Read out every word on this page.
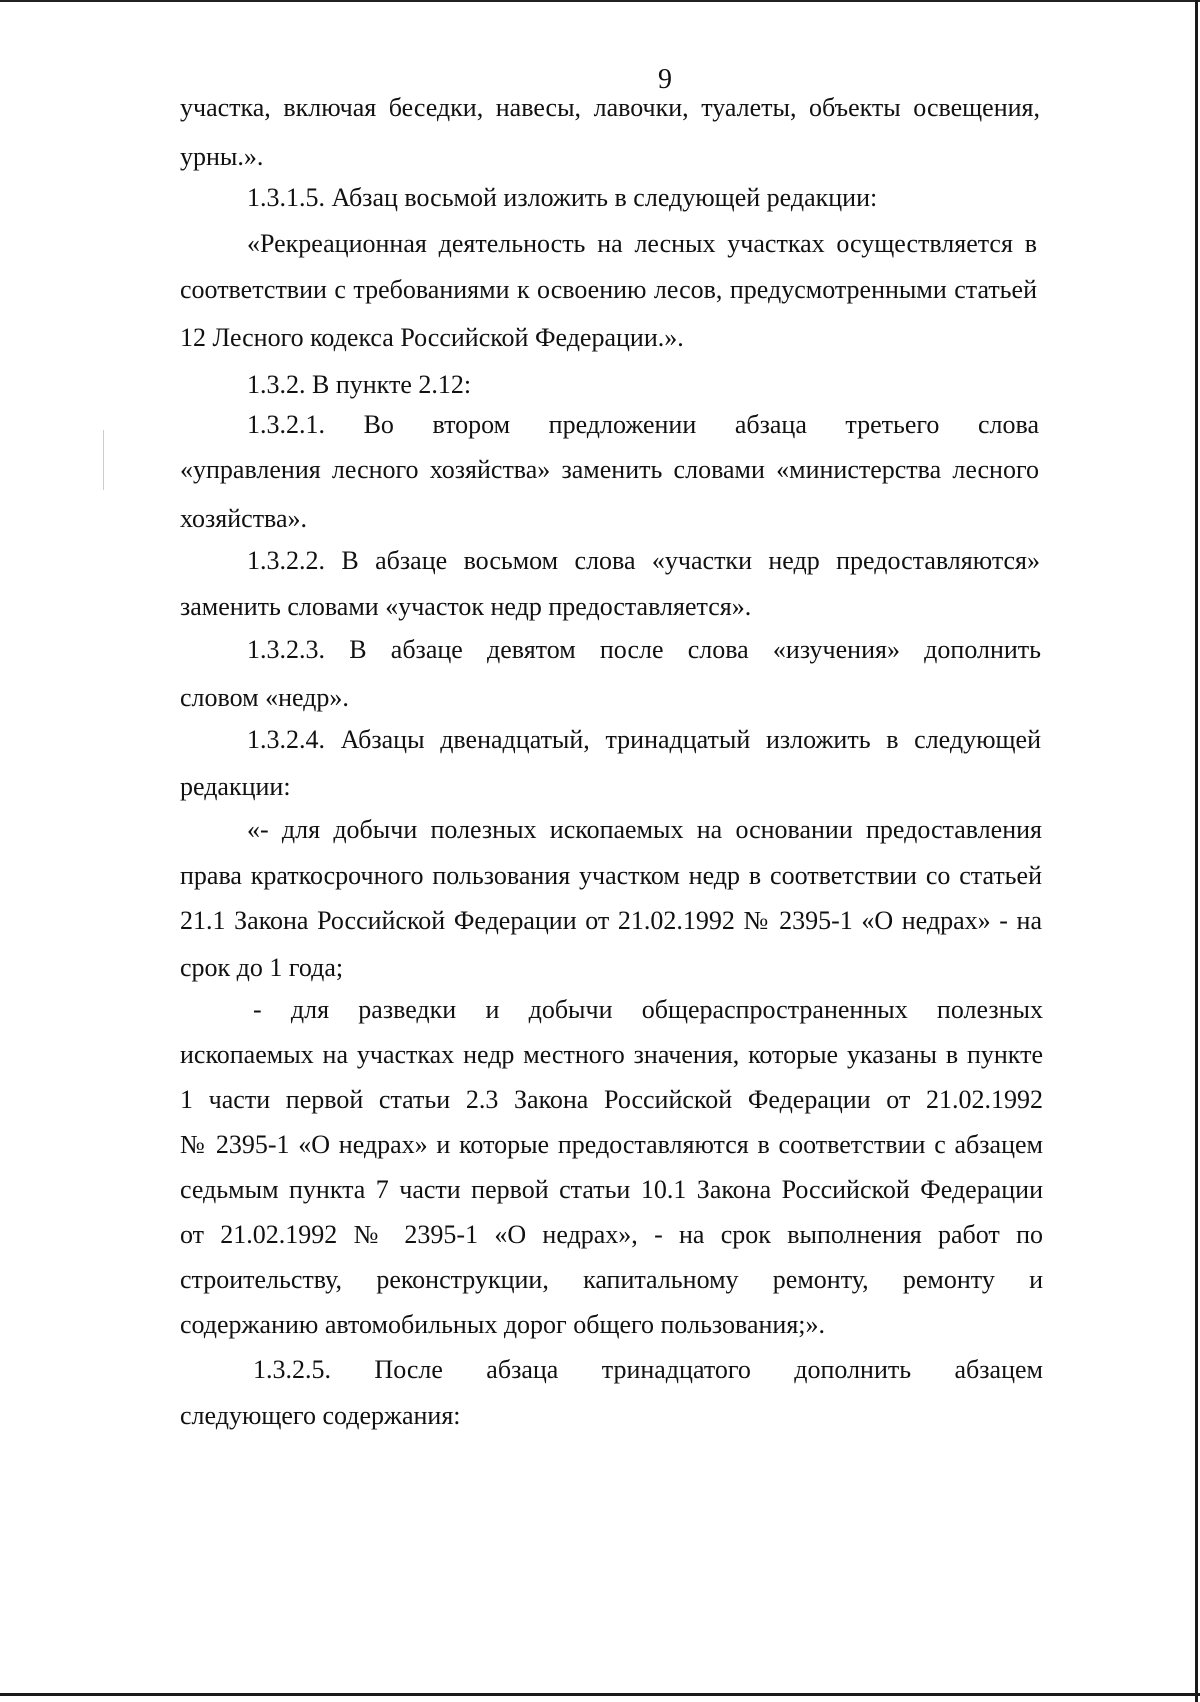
9
участка, включая беседки, навесы, лавочки, туалеты, объекты освещения,
урны.».
1.3.1.5. Абзац восьмой изложить в следующей редакции:
«Рекреационная деятельность на лесных участках осуществляется в
соответствии с требованиями к освоению лесов, предусмотренными статьей
12 Лесного кодекса Российской Федерации.».
1.3.2. В пункте 2.12:
1.3.2.1. Во втором предложении абзаца третьего слова
«управления лесного хозяйства» заменить словами «министерства лесного
хозяйства».
1.3.2.2. В абзаце восьмом слова «участки недр предоставляются»
заменить словами «участок недр предоставляется».
1.3.2.3. В абзаце девятом после слова «изучения» дополнить
словом «недр».
1.3.2.4. Абзацы двенадцатый, тринадцатый изложить в следующей
редакции:
«- для добычи полезных ископаемых на основании предоставления
права краткосрочного пользования участком недр в соответствии со статьей
21.1 Закона Российской Федерации от 21.02.1992 № 2395-1 «О недрах» - на
срок до 1 года;
- для разведки и добычи общераспространенных полезных
ископаемых на участках недр местного значения, которые указаны в пункте
1 части первой статьи 2.3 Закона Российской Федерации от 21.02.1992
№ 2395-1 «О недрах» и которые предоставляются в соответствии с абзацем
седьмым пункта 7 части первой статьи 10.1 Закона Российской Федерации
от 21.02.1992 № 2395-1 «О недрах», - на срок выполнения работ по
строительству, реконструкции, капитальному ремонту, ремонту и
содержанию автомобильных дорог общего пользования;».
1.3.2.5. После абзаца тринадцатого дополнить абзацем
следующего содержания:
